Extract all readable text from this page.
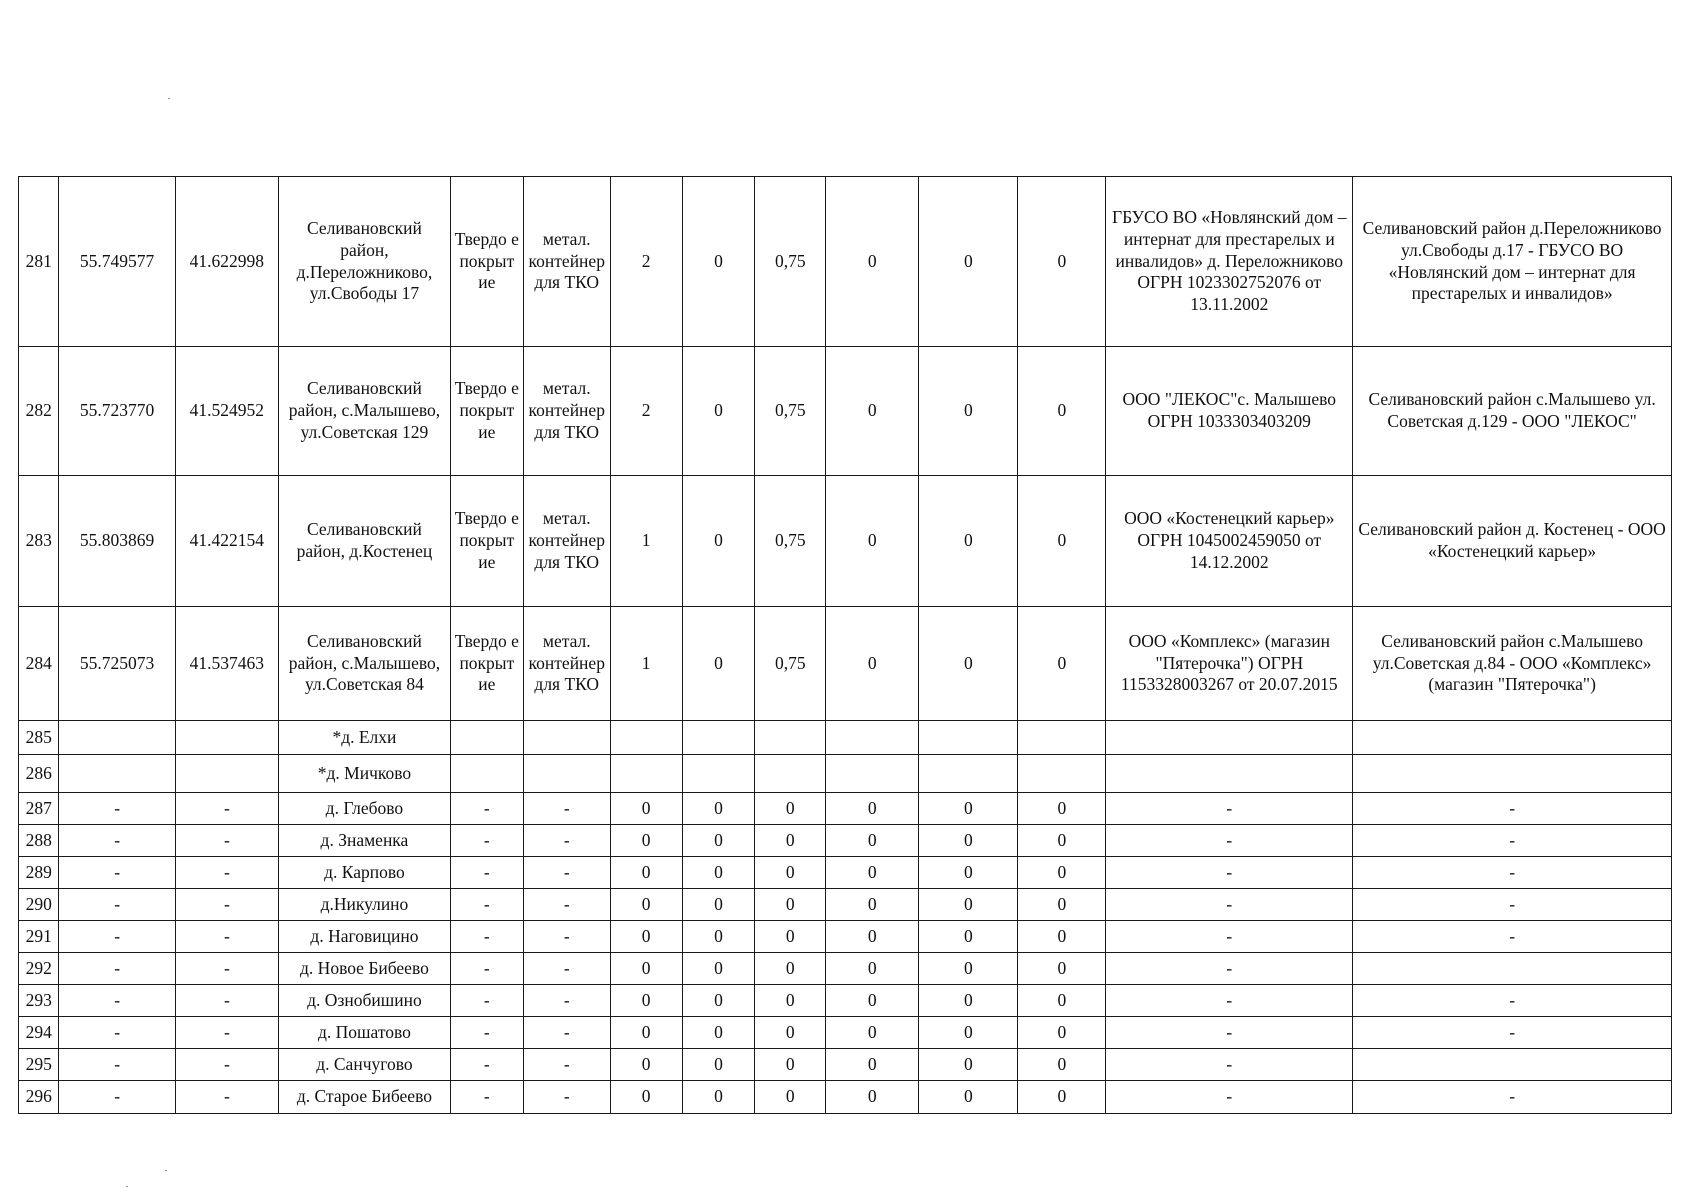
281	55.749577	41.622998	Селивановский район, д.Переложниково, ул.Свободы 17	Твердо е покрыт ие	метал. контейнер для ТКО	2	0	0,75	0	0	0	ГБУСО ВО «Новлянский дом –интернат для престарелых и инвалидов» д. Переложниково ОГРН 1023302752076 от 13.11.2002	Селивановский район д.Переложниково ул.Свободы д.17 - ГБУСО ВО «Новлянский дом – интернат для престарелых и инвалидов»
282	55.723770	41.524952	Селивановский район, с.Малышево, ул.Советская 129	Твердо е покрыт ие	метал. контейнер для ТКО	2	0	0,75	0	0	0	ООО "ЛЕКОС"с. Малышево ОГРН 1033303403209	Селивановский район с.Малышево ул. Советская д.129 - ООО "ЛЕКОС"
283	55.803869	41.422154	Селивановский район, д.Костенец	Твердо е покрыт ие	метал. контейнер для ТКО	1	0	0,75	0	0	0	ООО «Костенецкий карьер» ОГРН 1045002459050 от 14.12.2002	Селивановский район д. Костенец - ООО «Костенецкий карьер»
284	55.725073	41.537463	Селивановский район, с.Малышево, ул.Советская 84	Твердо е покрыт ие	метал. контейнер для ТКО	1	0	0,75	0	0	0	ООО «Комплекс» (магазин "Пятерочка") ОГРН 1153328003267 от 20.07.2015	Селивановский район с.Малышево ул.Советская д.84 - ООО «Комплекс» (магазин "Пятерочка")
285			*д. Елхи										
286			*д. Мичково										
287	-	-	д. Глебово	-	-	0	0	0	0	0	0	-	-
288	-	-	д. Знаменка	-	-	0	0	0	0	0	0	-	-
289	-	-	д. Карпово	-	-	0	0	0	0	0	0	-	-
290	-	-	д.Никулино	-	-	0	0	0	0	0	0	-	-
291	-	-	д. Наговицино	-	-	0	0	0	0	0	0	-	-
292	-	-	д. Новое Бибеево	-	-	0	0	0	0	0	0	-	
293	-	-	д. Ознобишино	-	-	0	0	0	0	0	0	-	-
294	-	-	д. Пошатово	-	-	0	0	0	0	0	0	-	-
295	-	-	д. Санчугово	-	-	0	0	0	0	0	0	-	
296	-	-	д. Старое Бибеево	-	-	0	0	0	0	0	0	-	-
